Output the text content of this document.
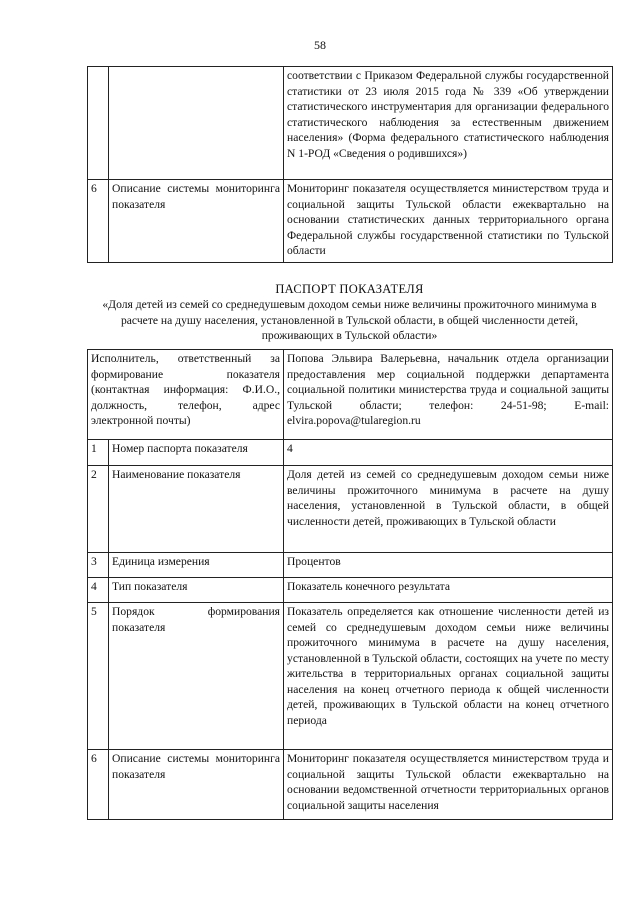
58
		соответствии с Приказом Федеральной службы государственной статистики от 23 июля 2015 года № 339 «Об утверждении статистического инструментария для организации федерального статистического наблюдения за естественным движением населения» (Форма федерального статистического наблюдения N 1-РОД «Сведения о родившихся»)
6	Описание системы мониторинга показателя	Мониторинг показателя осуществляется министерством труда и социальной защиты Тульской области ежеквартально на основании статистических данных территориального органа Федеральной службы государственной статистики по Тульской области
ПАСПОРТ ПОКАЗАТЕЛЯ
«Доля детей из семей со среднедушевым доходом семьи ниже величины прожиточного минимума в расчете на душу населения, установленной в Тульской области, в общей численности детей, проживающих в Тульской области»
Исполнитель, ответственный за формирование показателя (контактная информация: Ф.И.О., должность, телефон, адрес электронной почты)		Попова Эльвира Валерьевна, начальник отдела организации предоставления мер социальной поддержки департамента социальной политики министерства труда и социальной защиты Тульской области; телефон: 24-51-98; E-mail: elvira.popova@tularegion.ru
1	Номер паспорта показателя	4
2	Наименование показателя	Доля детей из семей со среднедушевым доходом семьи ниже величины прожиточного минимума в расчете на душу населения, установленной в Тульской области, в общей численности детей, проживающих в Тульской области
3	Единица измерения	Процентов
4	Тип показателя	Показатель конечного результата
5	Порядок формирования показателя	Показатель определяется как отношение численности детей из семей со среднедушевым доходом семьи ниже величины прожиточного минимума в расчете на душу населения, установленной в Тульской области, состоящих на учете по месту жительства в территориальных органах социальной защиты населения на конец отчетного периода к общей численности детей, проживающих в Тульской области на конец отчетного периода
6	Описание системы мониторинга показателя	Мониторинг показателя осуществляется министерством труда и социальной защиты Тульской области ежеквартально на основании ведомственной отчетности территориальных органов социальной защиты населения
